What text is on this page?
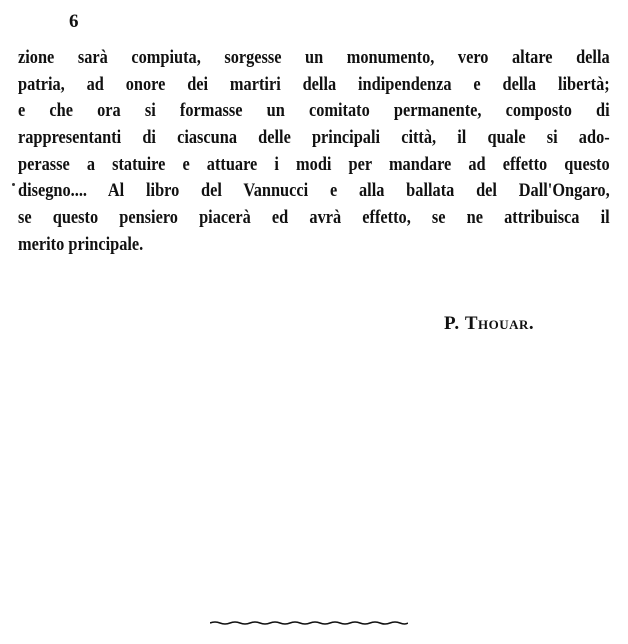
6
zione sarà compiuta, sorgesse un monumento, vero altare della
patria, ad onore dei martiri della indipendenza e della libertà;
e che ora si formasse un comitato permanente, composto di
rappresentanti di ciascuna delle principali città, il quale si ado-
perasse a statuire e attuare i modi per mandare ad effetto questo
disegno.... Al libro del Vannucci e alla ballata del Dall'Ongaro,
se questo pensiero piacerà ed avrà effetto, se ne attribuisca il
merito principale.
P. Thouar.
